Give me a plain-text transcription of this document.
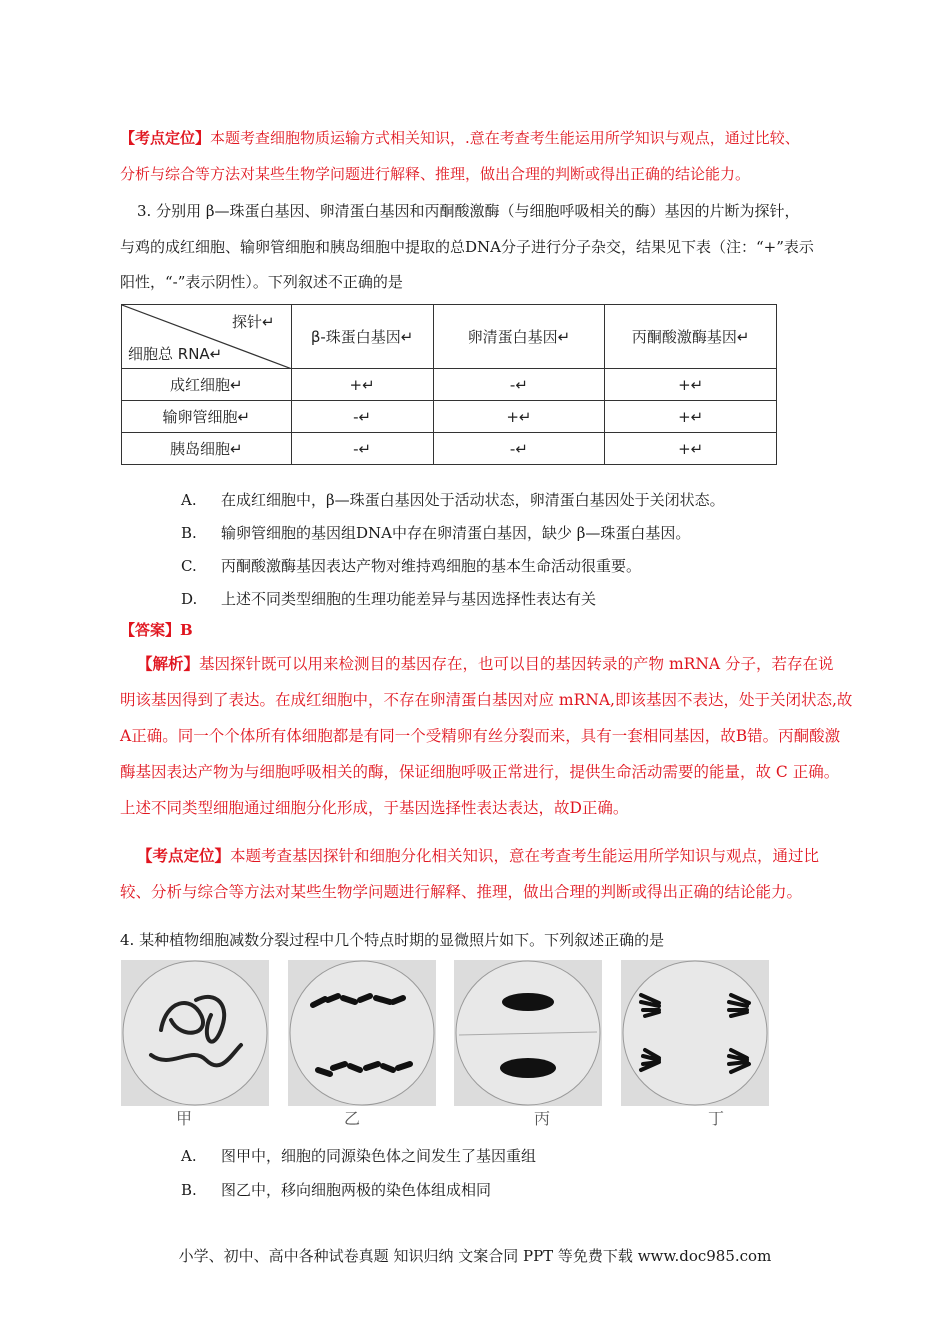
【考点定位】本题考查细胞物质运输方式相关知识，.意在考查考生能运用所学知识与观点，通过比较、
分析与综合等方法对某些生物学问题进行解释、推理，做出合理的判断或得出正确的结论能力。
3. 分别用 β—珠蛋白基因、卵清蛋白基因和丙酮酸激酶（与细胞呼吸相关的酶）基因的片断为探针，
与鸡的成红细胞、输卵管细胞和胰岛细胞中提取的总DNA分子进行分子杂交，结果见下表（注：“+”表示
阳性，“-”表示阴性）。下列叙述不正确的是
探针↵
细胞总 RNA↵	β-珠蛋白基因↵	卵清蛋白基因↵	丙酮酸激酶基因↵
成红细胞↵	+↵	-↵	+↵
输卵管细胞↵	-↵	+↵	+↵
胰岛细胞↵	-↵	-↵	+↵
A. 在成红细胞中，β—珠蛋白基因处于活动状态，卵清蛋白基因处于关闭状态。
B. 输卵管细胞的基因组DNA中存在卵清蛋白基因，缺少 β—珠蛋白基因。
C. 丙酮酸激酶基因表达产物对维持鸡细胞的基本生命活动很重要。
D. 上述不同类型细胞的生理功能差异与基因选择性表达有关
【答案】B
【解析】基因探针既可以用来检测目的基因存在，也可以目的基因转录的产物 mRNA 分子，若存在说
明该基因得到了表达。在成红细胞中，不存在卵清蛋白基因对应 mRNA,即该基因不表达，处于关闭状态,故
A正确。同一个个体所有体细胞都是有同一个受精卵有丝分裂而来，具有一套相同基因，故B错。丙酮酸激
酶基因表达产物为与细胞呼吸相关的酶，保证细胞呼吸正常进行，提供生命活动需要的能量，故 C 正确。
上述不同类型细胞通过细胞分化形成，于基因选择性表达表达，故D正确。
【考点定位】本题考查基因探针和细胞分化相关知识，意在考查考生能运用所学知识与观点，通过比
较、分析与综合等方法对某些生物学问题进行解释、推理，做出合理的判断或得出正确的结论能力。
4. 某种植物细胞减数分裂过程中几个特点时期的显微照片如下。下列叙述正确的是
甲	乙	丙	丁
A. 图甲中，细胞的同源染色体之间发生了基因重组
B. 图乙中，移向细胞两极的染色体组成相同
小学、初中、高中各种试卷真题 知识归纳 文案合同 PPT 等免费下载 www.doc985.com
